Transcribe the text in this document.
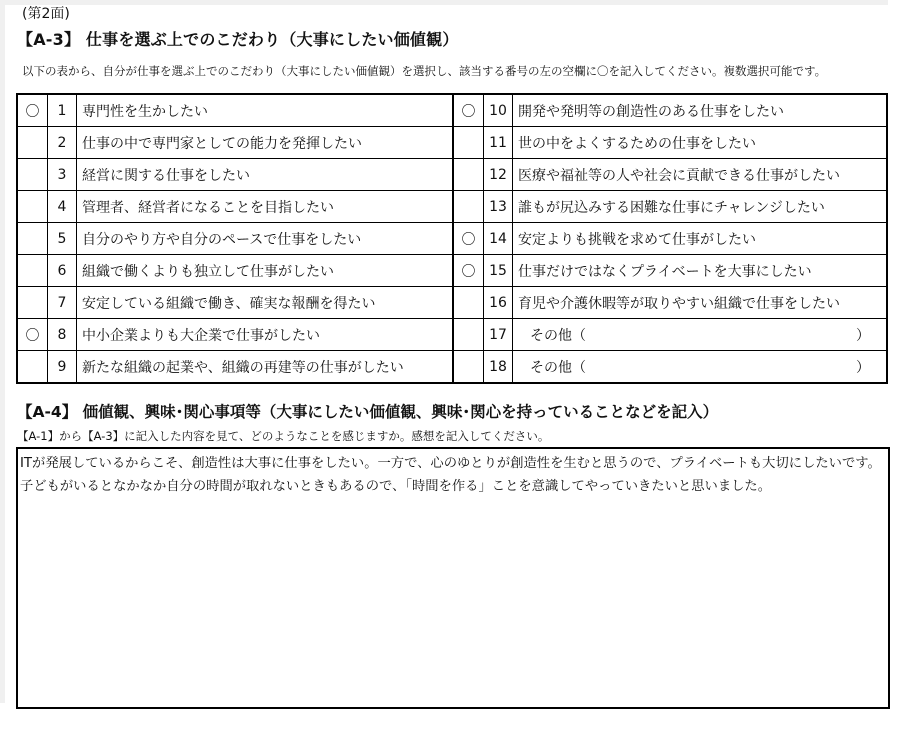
(第2面)
【A-3】 仕事を選ぶ上でのこだわり（大事にしたい価値観）
以下の表から、自分が仕事を選ぶ上でのこだわり（大事にしたい価値観）を選択し、該当する番号の左の空欄に〇を記入してください。複数選択可能です。
〇	1	専門性を生かしたい	〇	10	開発や発明等の創造性のある仕事をしたい
	2	仕事の中で専門家としての能力を発揮したい		11	世の中をよくするための仕事をしたい
	3	経営に関する仕事をしたい		12	医療や福祉等の人や社会に貢献できる仕事がしたい
	4	管理者、経営者になることを目指したい		13	誰もが尻込みする困難な仕事にチャレンジしたい
	5	自分のやり方や自分のペースで仕事をしたい	〇	14	安定よりも挑戦を求めて仕事がしたい
	6	組織で働くよりも独立して仕事がしたい	〇	15	仕事だけではなくプライベートを大事にしたい
	7	安定している組織で働き、確実な報酬を得たい		16	育児や介護休暇等が取りやすい組織で仕事をしたい
〇	8	中小企業よりも大企業で仕事がしたい		17	その他（ ）

	9	新たな組織の起業や、組織の再建等の仕事がしたい		18	その他（ ）
【A-4】 価値観、興味･関心事項等（大事にしたい価値観、興味･関心を持っていることなどを記入）
【A-1】から【A-3】に記入した内容を見て、どのようなことを感じますか。感想を記入してください。
ITが発展しているからこそ、創造性は大事に仕事をしたい。一方で、心のゆとりが創造性を生むと思うので、プライベートも大切にしたいです。子どもがいるとなかなか自分の時間が取れないときもあるので、「時間を作る」ことを意識してやっていきたいと思いました。
